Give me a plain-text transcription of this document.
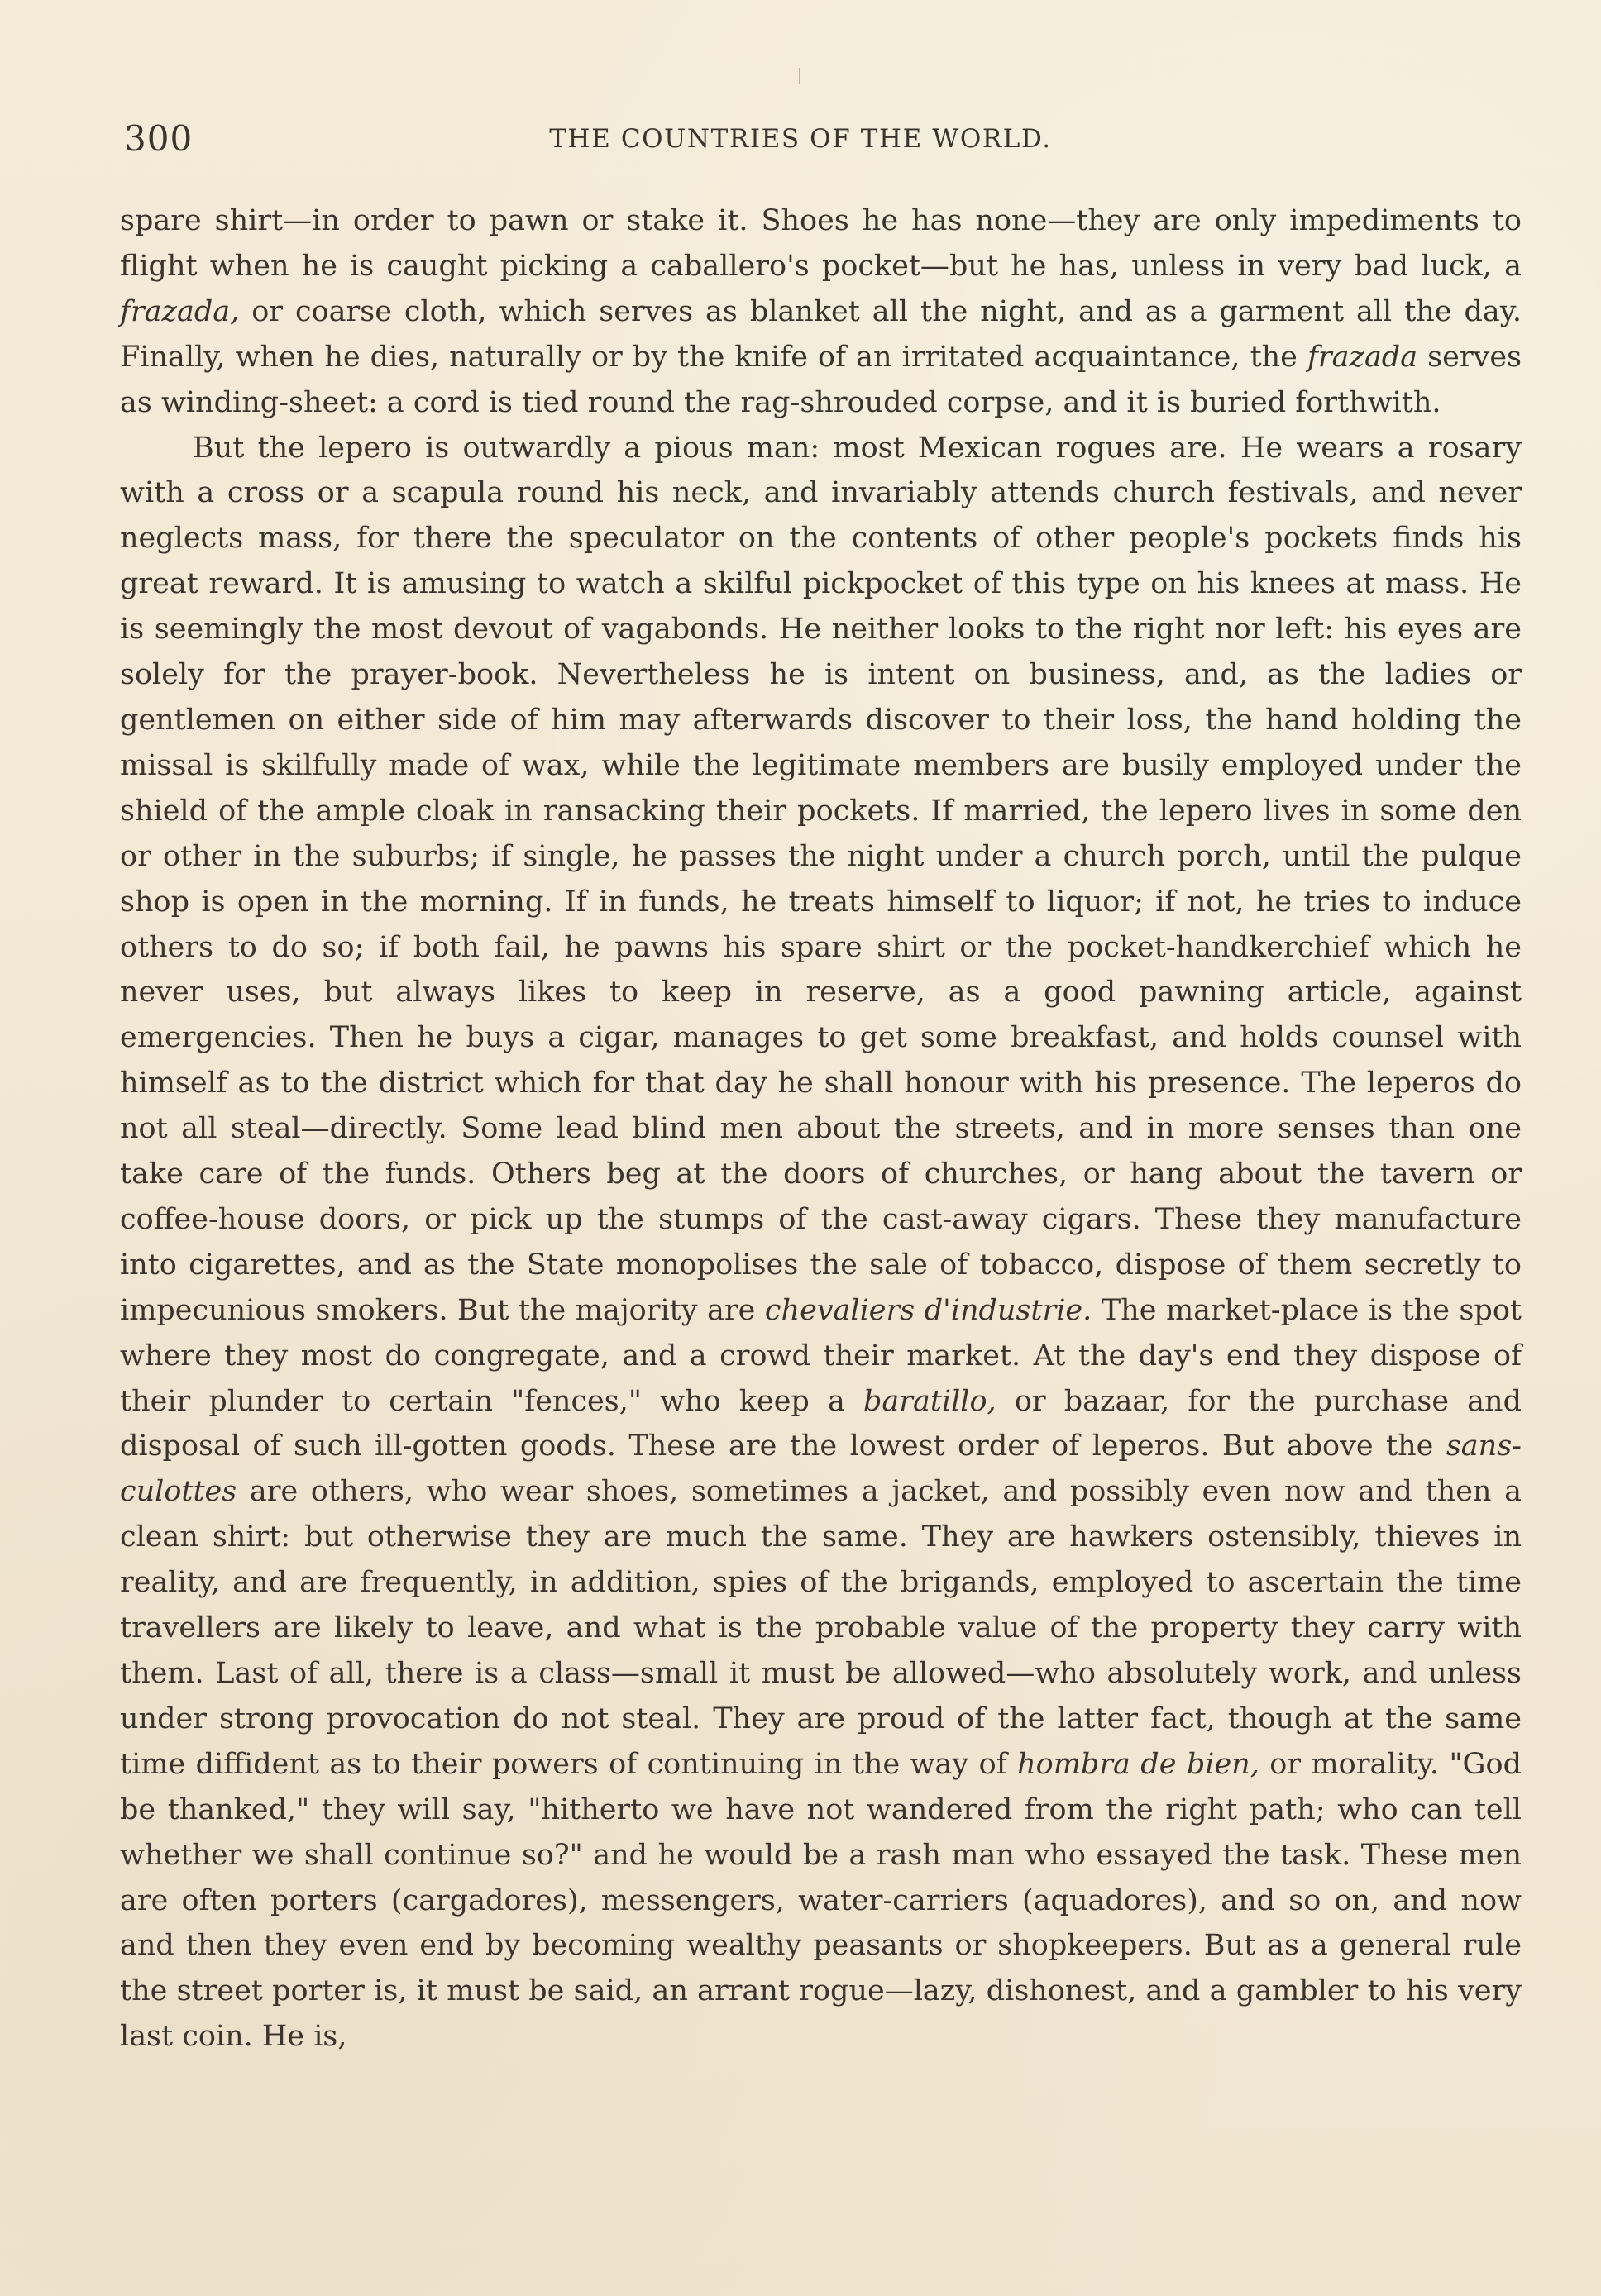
300	THE COUNTRIES OF THE WORLD.

spare shirt—in order to pawn or stake it. Shoes he has none—they are only impediments to flight when he is caught picking a caballero's pocket—but he has, unless in very bad luck, a frazada, or coarse cloth, which serves as blanket all the night, and as a garment all the day. Finally, when he dies, naturally or by the knife of an irritated acquaintance, the frazada serves as winding-sheet: a cord is tied round the rag-shrouded corpse, and it is buried forthwith.

But the lepero is outwardly a pious man: most Mexican rogues are. He wears a rosary with a cross or a scapula round his neck, and invariably attends church festivals, and never neglects mass, for there the speculator on the contents of other people's pockets finds his great reward. It is amusing to watch a skilful pickpocket of this type on his knees at mass. He is seemingly the most devout of vagabonds. He neither looks to the right nor left: his eyes are solely for the prayer-book. Nevertheless he is intent on business, and, as the ladies or gentlemen on either side of him may afterwards discover to their loss, the hand holding the missal is skilfully made of wax, while the legitimate members are busily employed under the shield of the ample cloak in ransacking their pockets. If married, the lepero lives in some den or other in the suburbs; if single, he passes the night under a church porch, until the pulque shop is open in the morning. If in funds, he treats himself to liquor; if not, he tries to induce others to do so; if both fail, he pawns his spare shirt or the pocket-handkerchief which he never uses, but always likes to keep in reserve, as a good pawning article, against emergencies. Then he buys a cigar, manages to get some breakfast, and holds counsel with himself as to the district which for that day he shall honour with his presence. The leperos do not all steal—directly. Some lead blind men about the streets, and in more senses than one take care of the funds. Others beg at the doors of churches, or hang about the tavern or coffee-house doors, or pick up the stumps of the cast-away cigars. These they manufacture into cigarettes, and as the State monopolises the sale of tobacco, dispose of them secretly to impecunious smokers. But the majority are chevaliers d'industrie. The market-place is the spot where they most do congregate, and a crowd their market. At the day's end they dispose of their plunder to certain "fences," who keep a baratillo, or bazaar, for the purchase and disposal of such ill-gotten goods. These are the lowest order of leperos. But above the sans-culottes are others, who wear shoes, sometimes a jacket, and possibly even now and then a clean shirt: but otherwise they are much the same. They are hawkers ostensibly, thieves in reality, and are frequently, in addition, spies of the brigands, employed to ascertain the time travellers are likely to leave, and what is the probable value of the property they carry with them. Last of all, there is a class—small it must be allowed—who absolutely work, and unless under strong provocation do not steal. They are proud of the latter fact, though at the same time diffident as to their powers of continuing in the way of hombra de bien, or morality. "God be thanked," they will say, "hitherto we have not wandered from the right path; who can tell whether we shall continue so?" and he would be a rash man who essayed the task. These men are often porters (cargadores), messengers, water-carriers (aquadores), and so on, and now and then they even end by becoming wealthy peasants or shopkeepers. But as a general rule the street porter is, it must be said, an arrant rogue—lazy, dishonest, and a gambler to his very last coin. He is,
